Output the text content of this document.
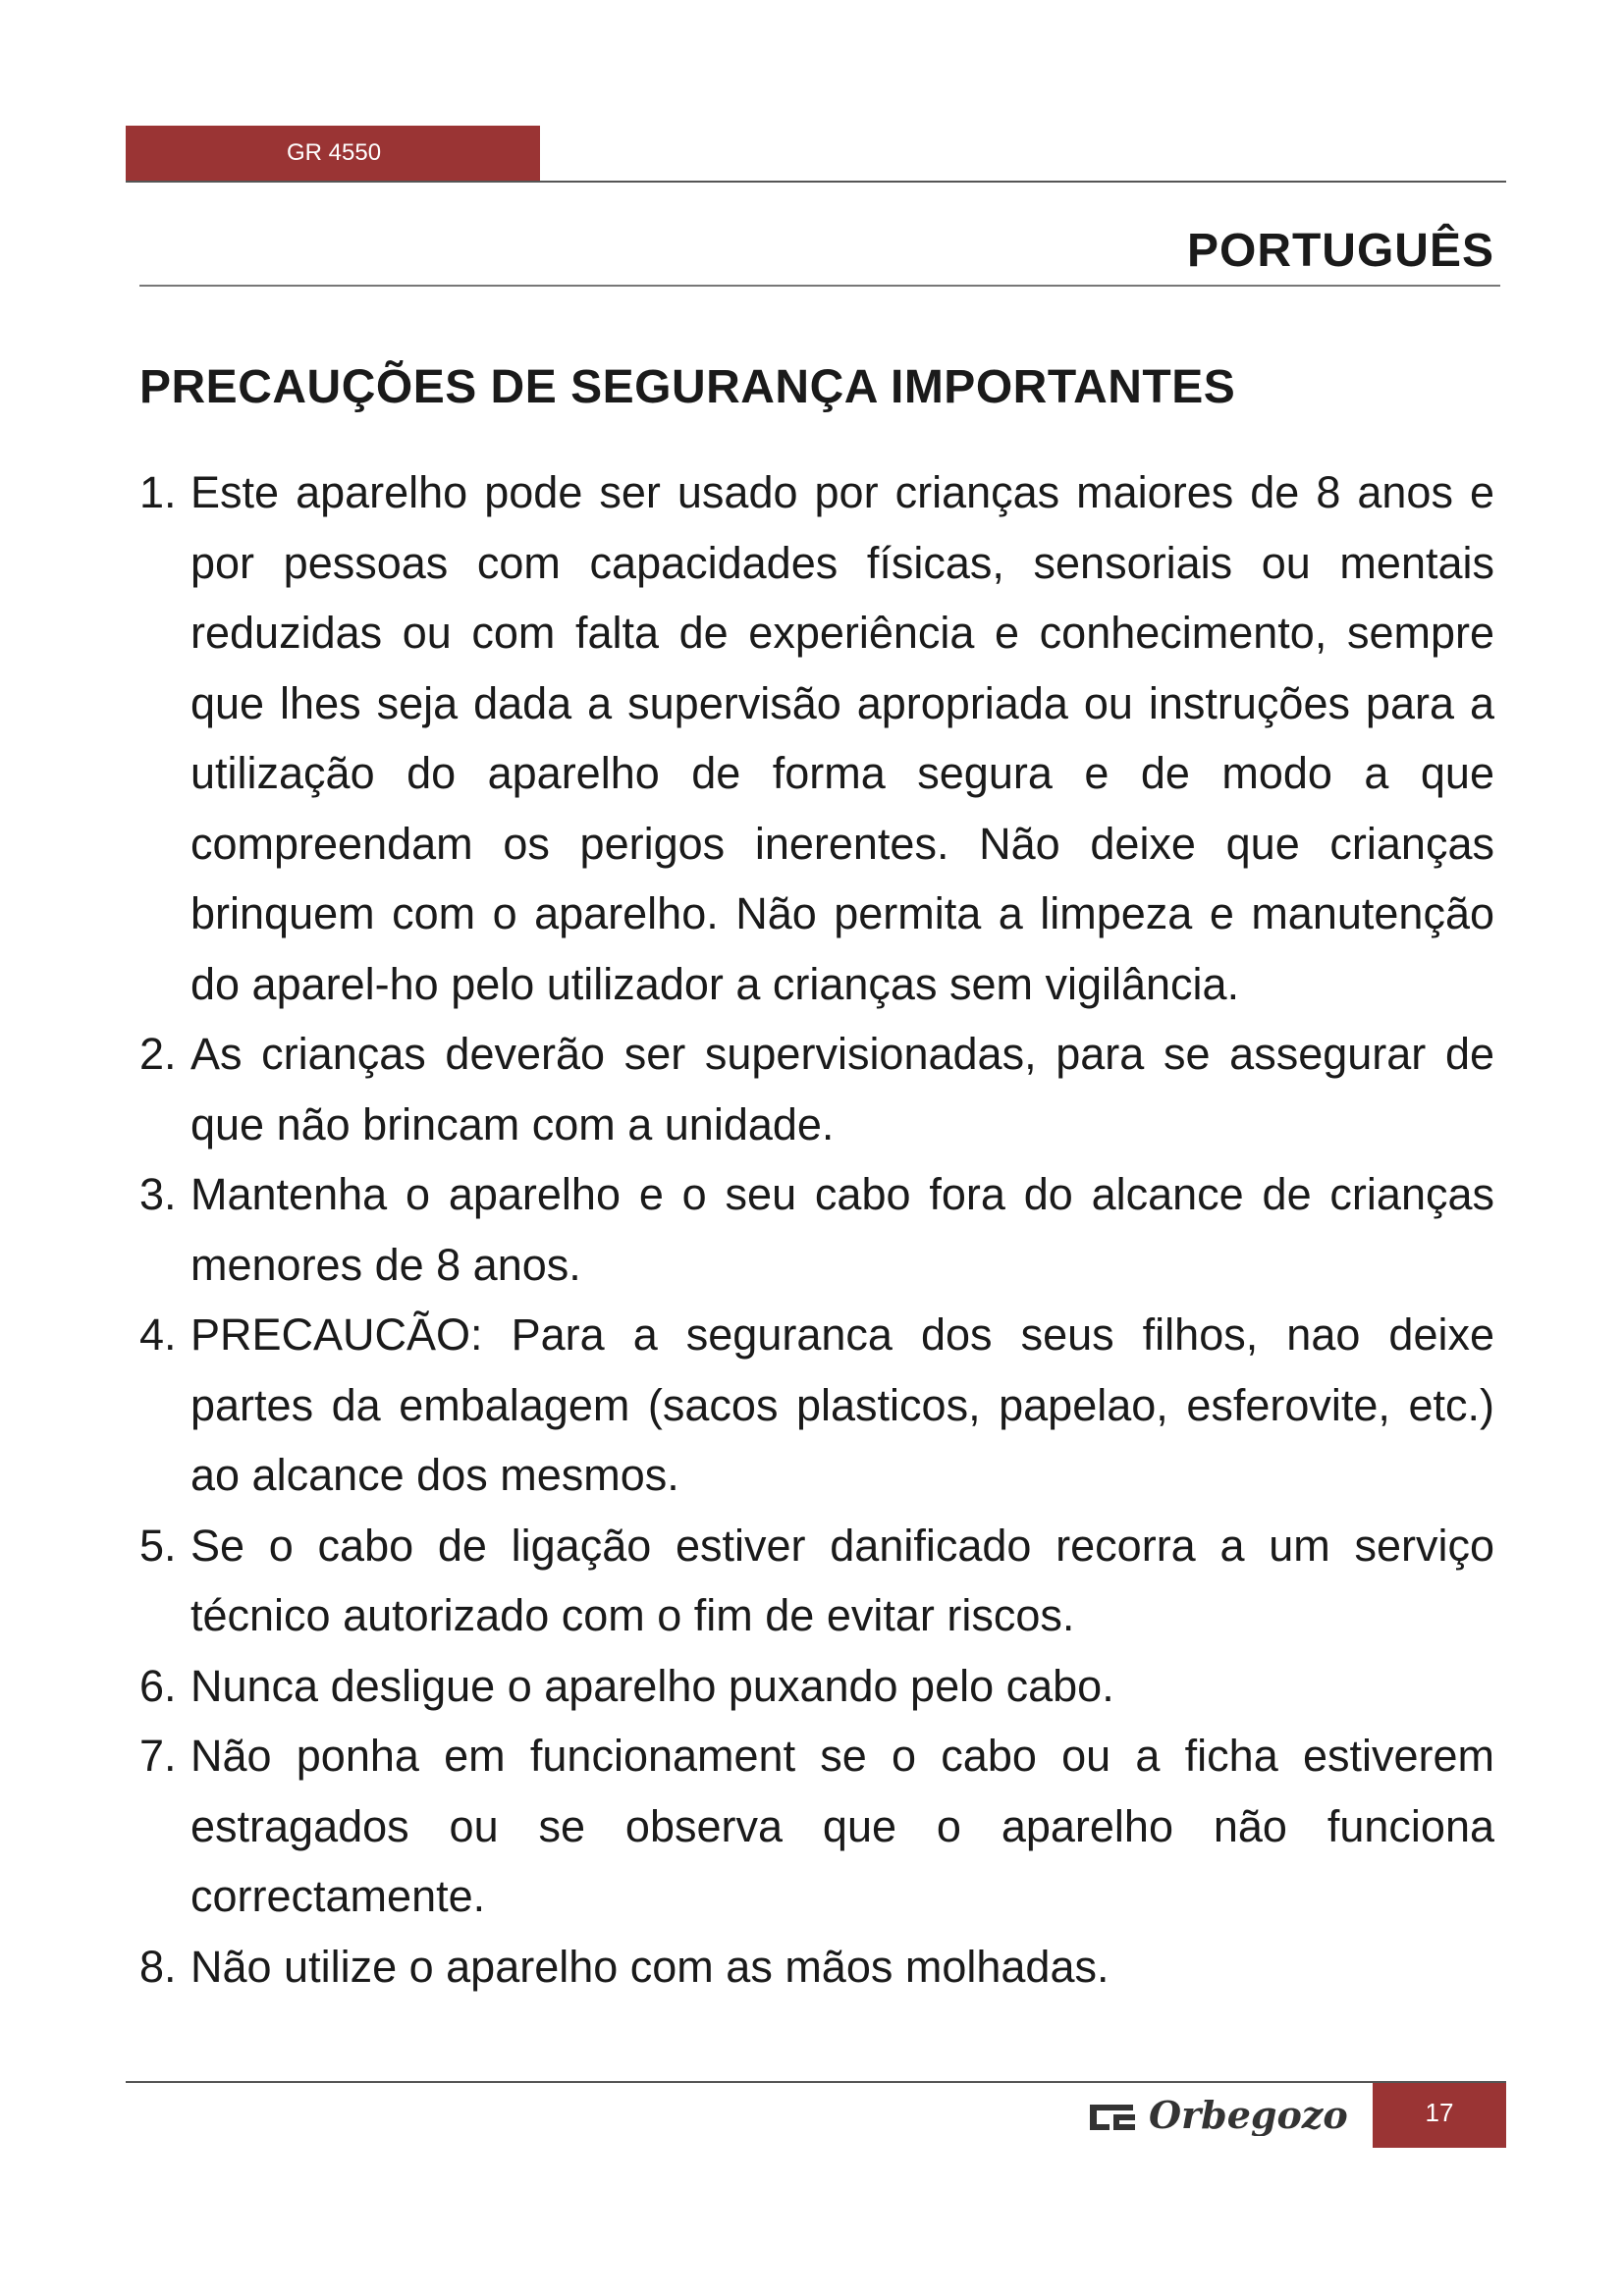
GR 4550
PORTUGUÊS
PRECAUÇÕES DE SEGURANÇA IMPORTANTES
1. Este aparelho pode ser usado por crianças maiores de 8 anos e por pessoas com capacidades físicas, sensoriais ou mentais reduzidas ou com falta de experiência e conhecimento, sempre que lhes seja dada a supervisão apropriada ou instruções para a utilização do aparelho de forma segura e de modo a que compreendam os perigos inerentes. Não deixe que crianças brinquem com o aparelho. Não permita a limpeza e manutenção do aparel-ho pelo utilizador a crianças sem vigilância.
2. As crianças deverão ser supervisionadas, para se assegurar de que não brincam com a unidade.
3. Mantenha o aparelho e o seu cabo fora do alcance de crianças menores de 8 anos.
4. PRECAUCÃO: Para a seguranca dos seus filhos, nao deixe partes da embalagem (sacos plasticos, papelao, esferovite, etc.) ao alcance dos mesmos.
5. Se o cabo de ligação estiver danificado recorra a um serviço técnico autorizado com o fim de evitar riscos.
6. Nunca desligue o aparelho puxando pelo cabo.
7. Não ponha em funcionament se o cabo ou a ficha estiverem estragados ou se observa que o aparelho não funciona correctamente.
8. Não utilize o aparelho com as mãos molhadas.
Orbegozo	17
